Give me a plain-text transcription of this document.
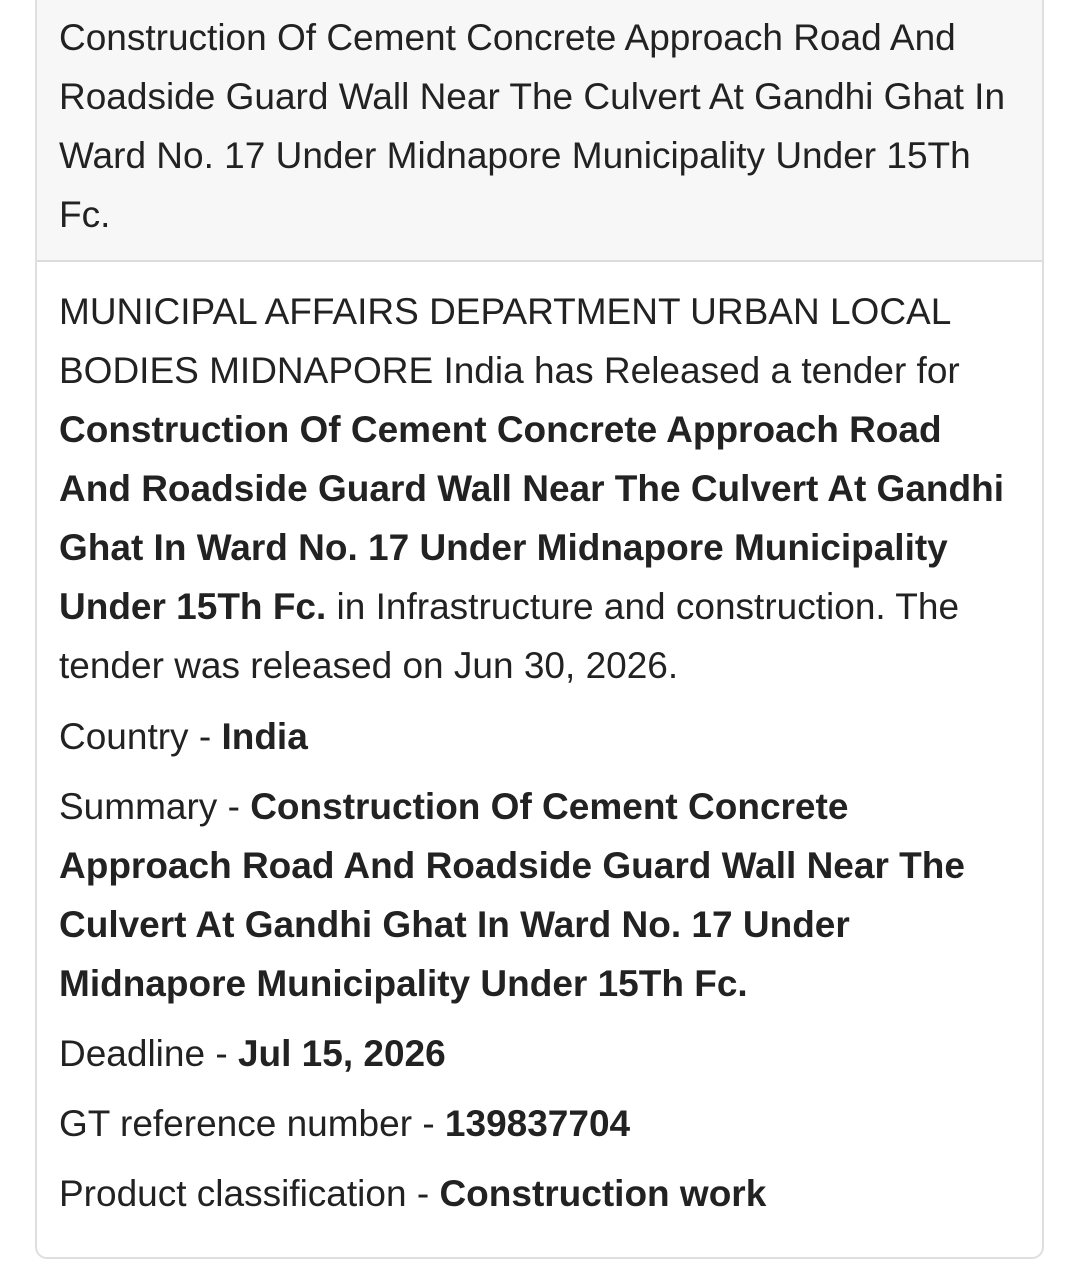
Construction Of Cement Concrete Approach Road And Roadside Guard Wall Near The Culvert At Gandhi Ghat In Ward No. 17 Under Midnapore Municipality Under 15Th Fc.

MUNICIPAL AFFAIRS DEPARTMENT URBAN LOCAL BODIES MIDNAPORE India has Released a tender for Construction Of Cement Concrete Approach Road And Roadside Guard Wall Near The Culvert At Gandhi Ghat In Ward No. 17 Under Midnapore Municipality Under 15Th Fc. in Infrastructure and construction. The tender was released on Jun 30, 2026.

Country - India

Summary - Construction Of Cement Concrete Approach Road And Roadside Guard Wall Near The Culvert At Gandhi Ghat In Ward No. 17 Under Midnapore Municipality Under 15Th Fc.

Deadline - Jul 15, 2026

GT reference number - 139837704

Product classification - Construction work
